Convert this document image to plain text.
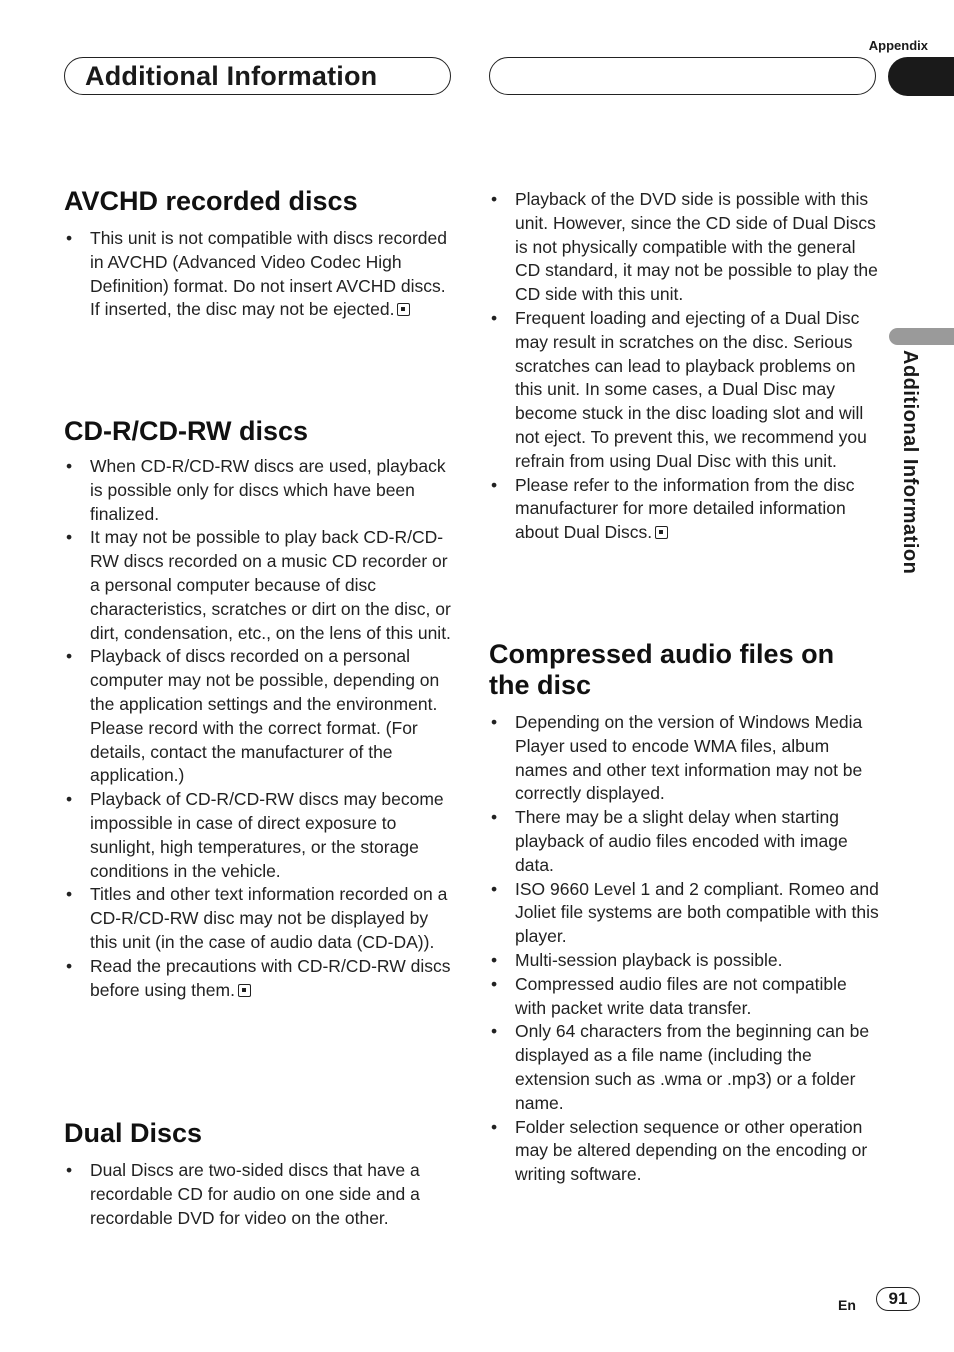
Appendix
Additional Information
Additional Information
AVCHD recorded discs
• This unit is not compatible with discs recorded in AVCHD (Advanced Video Codec High Definition) format. Do not insert AVCHD discs. If inserted, the disc may not be ejected.
CD-R/CD-RW discs
• When CD-R/CD-RW discs are used, playback is possible only for discs which have been finalized.
• It may not be possible to play back CD-R/CD-RW discs recorded on a music CD recorder or a personal computer because of disc characteristics, scratches or dirt on the disc, or dirt, condensation, etc., on the lens of this unit.
• Playback of discs recorded on a personal computer may not be possible, depending on the application settings and the environment. Please record with the correct format. (For details, contact the manufacturer of the application.)
• Playback of CD-R/CD-RW discs may become impossible in case of direct exposure to sunlight, high temperatures, or the storage conditions in the vehicle.
• Titles and other text information recorded on a CD-R/CD-RW disc may not be displayed by this unit (in the case of audio data (CD-DA)).
• Read the precautions with CD-R/CD-RW discs before using them.
Dual Discs
• Dual Discs are two-sided discs that have a recordable CD for audio on one side and a recordable DVD for video on the other.
• Playback of the DVD side is possible with this unit. However, since the CD side of Dual Discs is not physically compatible with the general CD standard, it may not be possible to play the CD side with this unit.
• Frequent loading and ejecting of a Dual Disc may result in scratches on the disc. Serious scratches can lead to playback problems on this unit. In some cases, a Dual Disc may become stuck in the disc loading slot and will not eject. To prevent this, we recommend you refrain from using Dual Disc with this unit.
• Please refer to the information from the disc manufacturer for more detailed information about Dual Discs.
Compressed audio files on the disc
• Depending on the version of Windows Media Player used to encode WMA files, album names and other text information may not be correctly displayed.
• There may be a slight delay when starting playback of audio files encoded with image data.
• ISO 9660 Level 1 and 2 compliant. Romeo and Joliet file systems are both compatible with this player.
• Multi-session playback is possible.
• Compressed audio files are not compatible with packet write data transfer.
• Only 64 characters from the beginning can be displayed as a file name (including the extension such as .wma or .mp3) or a folder name.
• Folder selection sequence or other operation may be altered depending on the encoding or writing software.
En	91
